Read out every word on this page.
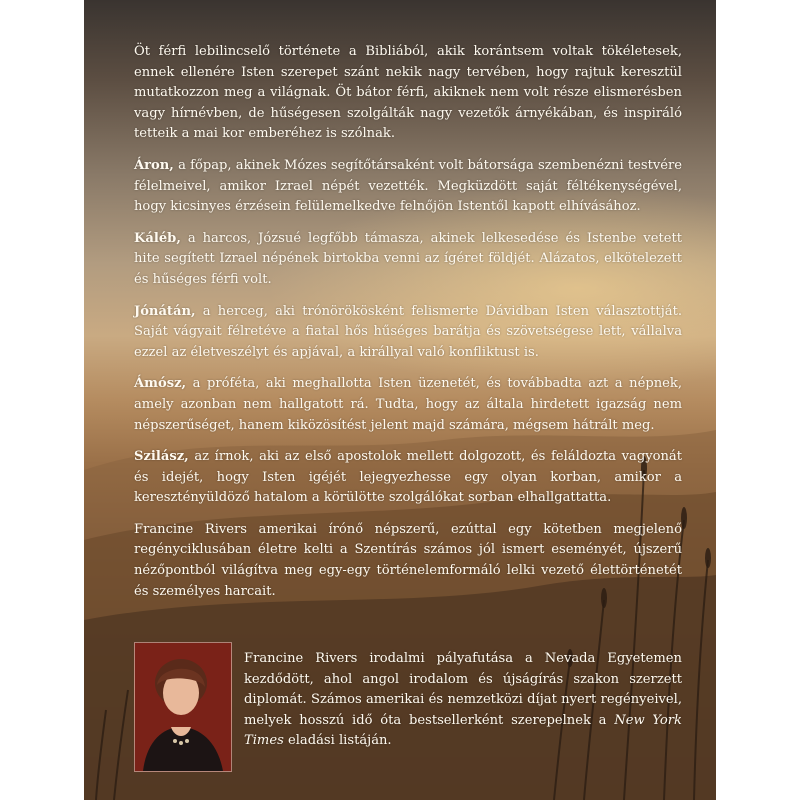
Öt férfi lebilincselő története a Bibliából, akik korántsem voltak tökéletesek, ennek ellenére Isten szerepet szánt nekik nagy tervében, hogy rajtuk keresztül mutatkozzon meg a világnak. Öt bátor férfi, akiknek nem volt része elismerésben vagy hírnévben, de hűségesen szolgálták nagy vezetők árnyékában, és inspiráló tetteik a mai kor emberéhez is szólnak.

Áron, a főpap, akinek Mózes segítőtársaként volt bátorsága szembenézni testvére félelmeivel, amikor Izrael népét vezették. Megküzdött saját féltékenységével, hogy kicsinyes érzésein felülemelkedve felnőjön Istentől kapott elhívásához.

Káléb, a harcos, Józsué legfőbb támasza, akinek lelkesedése és Istenbe vetett hite segített Izrael népének birtokba venni az ígéret földjét. Alázatos, elkötelezett és hűséges férfi volt.

Jónátán, a herceg, aki trónörökösként felismerte Dávidban Isten választottját. Saját vágyait félretéve a fiatal hős hűséges barátja és szövetségese lett, vállalva ezzel az életveszélyt és apjával, a királlyal való konfliktust is.

Ámósz, a próféta, aki meghallotta Isten üzenetét, és továbbadta azt a népnek, amely azonban nem hallgatott rá. Tudta, hogy az általa hirdetett igazság nem népszerűséget, hanem kiközösítést jelent majd számára, mégsem hátrált meg.

Szilász, az írnok, aki az első apostolok mellett dolgozott, és feláldozta vagyonát és idejét, hogy Isten igéjét lejegyezhesse egy olyan korban, amikor a keresztényüldöző hatalom a körülötte szolgálókat sorban elhallgattatta.

Francine Rivers amerikai írónő népszerű, ezúttal egy kötetben megjelenő regényciklusában életre kelti a Szentírás számos jól ismert eseményét, újszerű nézőpontból világítva meg egy-egy történelemformáló lelki vezető élettörténetét és személyes harcait.

Francine Rivers irodalmi pályafutása a Nevada Egyetemen kezdődött, ahol angol irodalom és újságírás szakon szerzett diplomát. Számos amerikai és nemzetközi díjat nyert regényeivel, melyek hosszú idő óta bestsellerként szerepelnek a New York Times eladási listáján.
